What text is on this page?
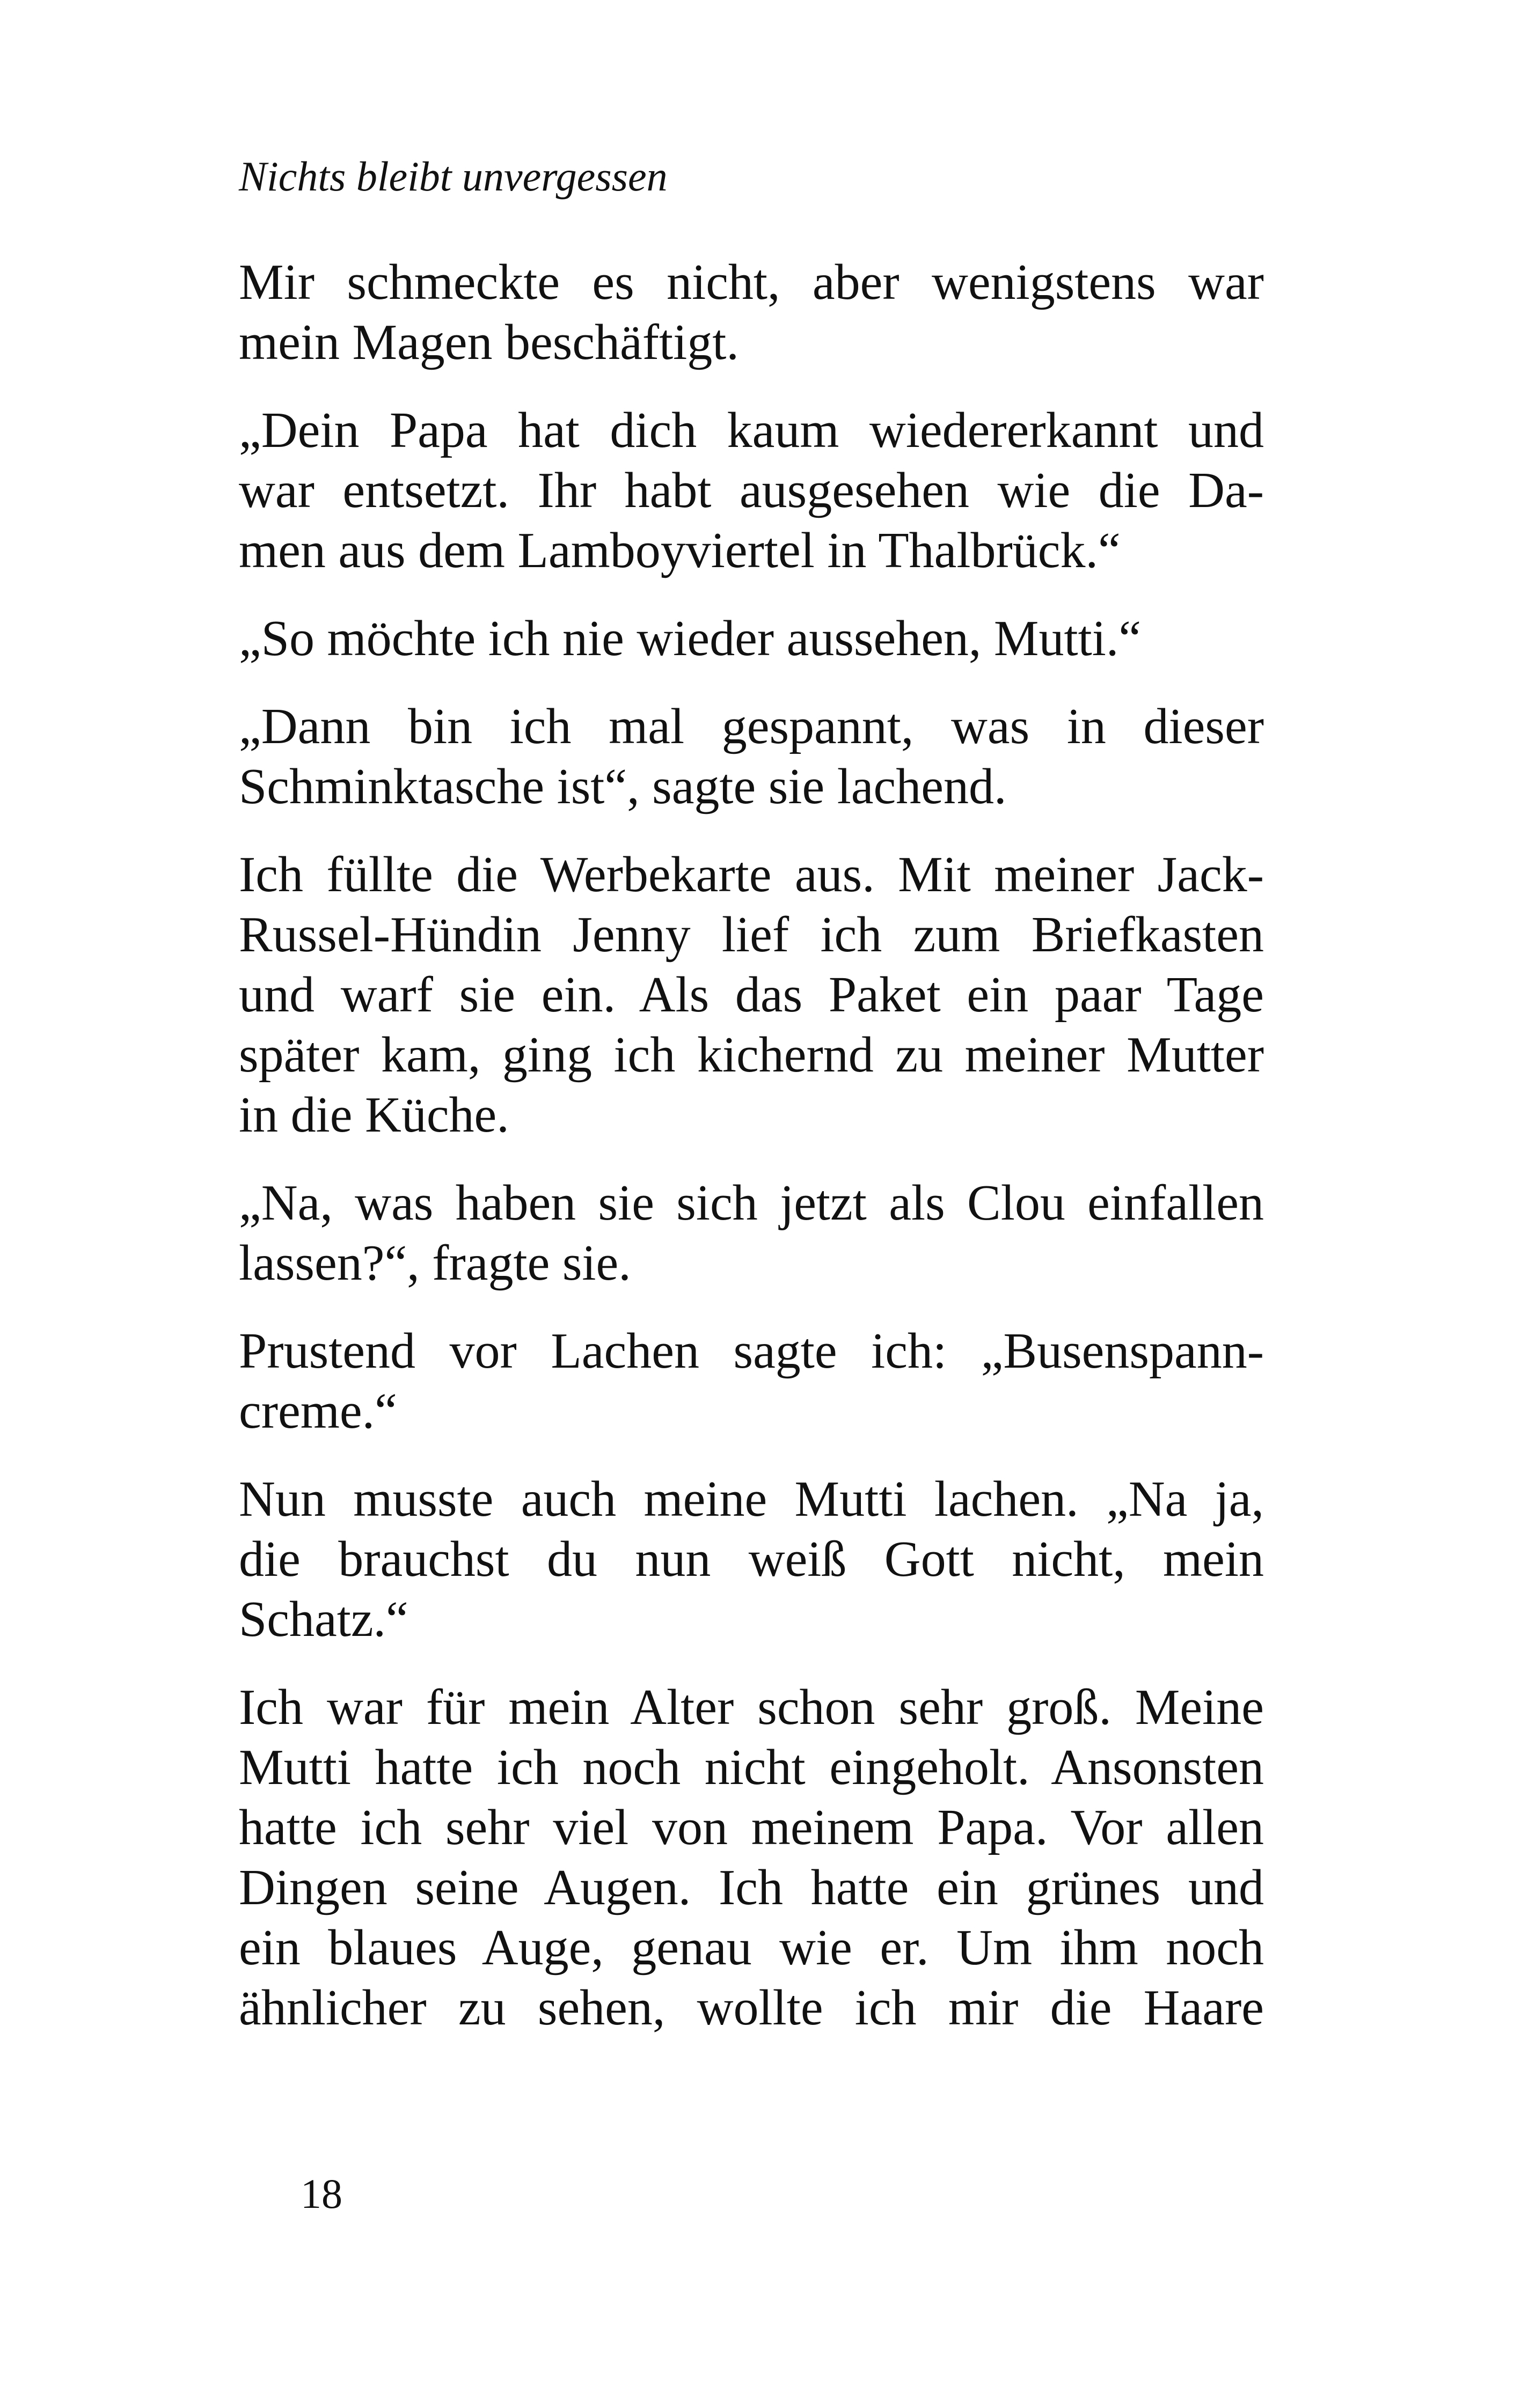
Nichts bleibt unvergessen
Mir schmeckte es nicht, aber wenigstens war
mein Magen beschäftigt.
„Dein Papa hat dich kaum wiedererkannt und
war entsetzt. Ihr habt ausgesehen wie die Da-
men aus dem Lamboyviertel in Thalbrück.“
„So möchte ich nie wieder aussehen, Mutti.“
„Dann bin ich mal gespannt, was in dieser
Schminktasche ist“, sagte sie lachend.
Ich füllte die Werbekarte aus. Mit meiner Jack-
Russel-Hündin Jenny lief ich zum Briefkasten
und warf sie ein. Als das Paket ein paar Tage
später kam, ging ich kichernd zu meiner Mutter
in die Küche.
„Na, was haben sie sich jetzt als Clou einfallen
lassen?“, fragte sie.
Prustend vor Lachen sagte ich: „Busenspann-
creme.“
Nun musste auch meine Mutti lachen. „Na ja,
die brauchst du nun weiß Gott nicht, mein
Schatz.“
Ich war für mein Alter schon sehr groß. Meine
Mutti hatte ich noch nicht eingeholt. Ansonsten
hatte ich sehr viel von meinem Papa. Vor allen
Dingen seine Augen. Ich hatte ein grünes und
ein blaues Auge, genau wie er. Um ihm noch
ähnlicher zu sehen, wollte ich mir die Haare
18
